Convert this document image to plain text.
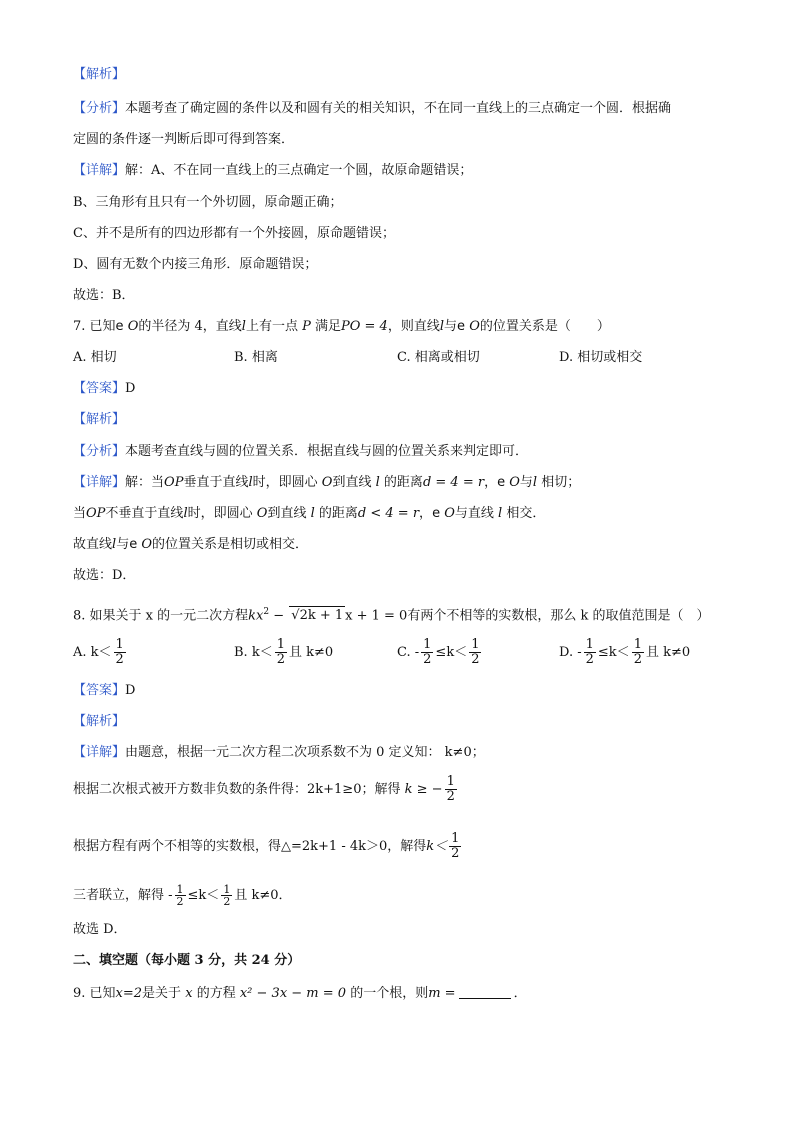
【解析】
【分析】本题考查了确定圆的条件以及和圆有关的相关知识，不在同一直线上的三点确定一个圆．根据确
定圆的条件逐一判断后即可得到答案．
【详解】解：A、不在同一直线上的三点确定一个圆，故原命题错误；
B、三角形有且只有一个外切圆，原命题正确；
C、并不是所有的四边形都有一个外接圆，原命题错误；
D、圆有无数个内接三角形．原命题错误；
故选：B．
7. 已知e O的半径为 4，直线l上有一点 P 满足PO = 4，则直线l与e O的位置关系是（　　）
A. 相切	B. 相离	C. 相离或相切	D. 相切或相交
【答案】D
【解析】
【分析】本题考查直线与圆的位置关系．根据直线与圆的位置关系来判定即可．
【详解】解：当OP垂直于直线l时，即圆心 O到直线 l 的距离d = 4 = r，e O与l 相切；
当OP不垂直于直线l时，即圆心 O到直线 l 的距离d < 4 = r，e O与直线 l 相交．
故直线l与e O的位置关系是相切或相交．
故选：D．
8. 如果关于 x 的一元二次方程$kx^2 - √2k + 1$ x + 1 = 0有两个不相等的实数根，那么 k 的取值范围是（　）
A. $k< \frac{1}{2}$	B. $k< \frac{1}{2}$ 且 k≠0	C. - $\frac{1}{2} \le k< \frac{1}{2}$	D. - $\frac{1}{2} \le k< \frac{1}{2}$ 且 k≠0
【答案】D
【解析】
【详解】由题意，根据一元二次方程二次项系数不为 0 定义知： k≠0；
根据二次根式被开方数非负数的条件得：2k+1≥0；解得 k ≥ − $\frac{1}{2}$
根据方程有两个不相等的实数根，得△=2k+1 - 4k＞0，解得$k< \frac{1}{2}$
三者联立，解得 - $\frac{1}{2} \le k< \frac{1}{2}$ 且 k≠0．
故选 D．
二、填空题（每小题 3 分，共 24 分）
9. 已知x=2是关于 x 的方程 x² − 3x − m = 0 的一个根，则m =	．
